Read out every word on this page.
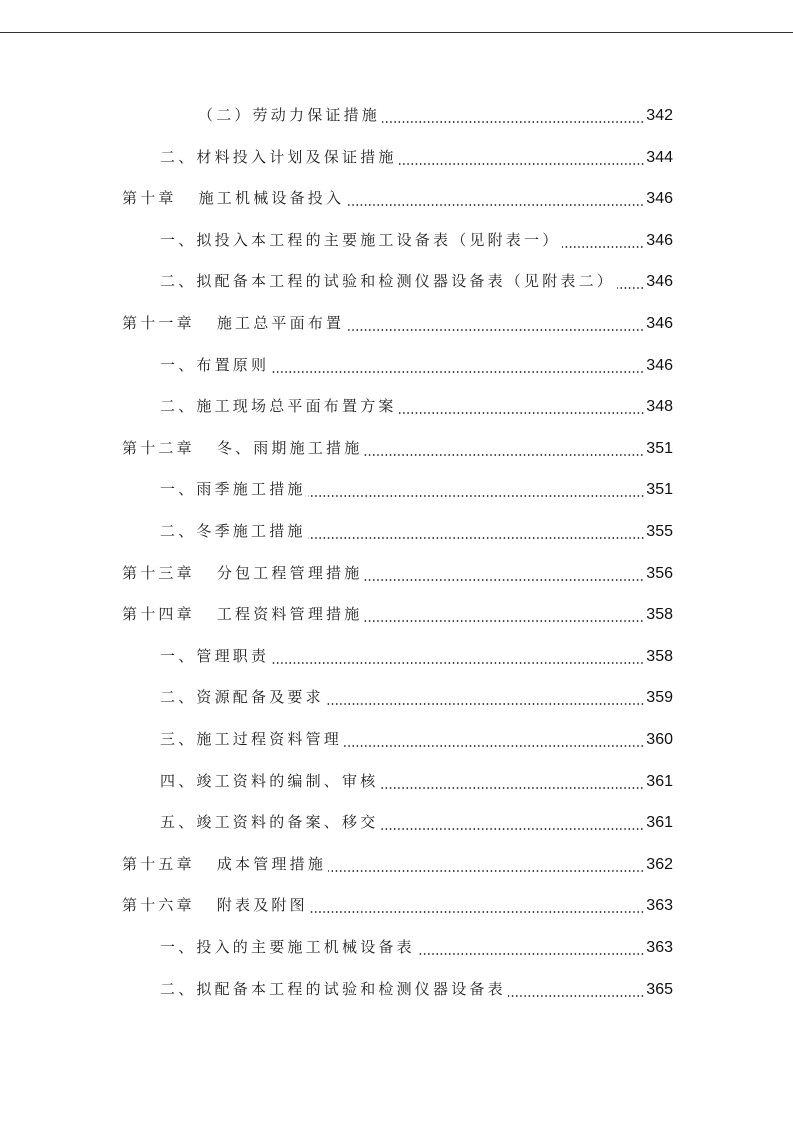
（二）劳动力保证措施	342
二、材料投入计划及保证措施	344
第十章 施工机械设备投入	346
一、拟投入本工程的主要施工设备表（见附表一）	346
二、拟配备本工程的试验和检测仪器设备表（见附表二） 346
第十一章 施工总平面布置	346
一、布置原则	346
二、施工现场总平面布置方案	348
第十二章 冬、雨期施工措施	351
一、雨季施工措施	351
二、冬季施工措施	355
第十三章 分包工程管理措施	356
第十四章 工程资料管理措施	358
一、管理职责	358
二、资源配备及要求	359
三、施工过程资料管理	360
四、竣工资料的编制、审核	361
五、竣工资料的备案、移交	361
第十五章 成本管理措施	362
第十六章 附表及附图	363
一、投入的主要施工机械设备表	363
二、拟配备本工程的试验和检测仪器设备表	365
